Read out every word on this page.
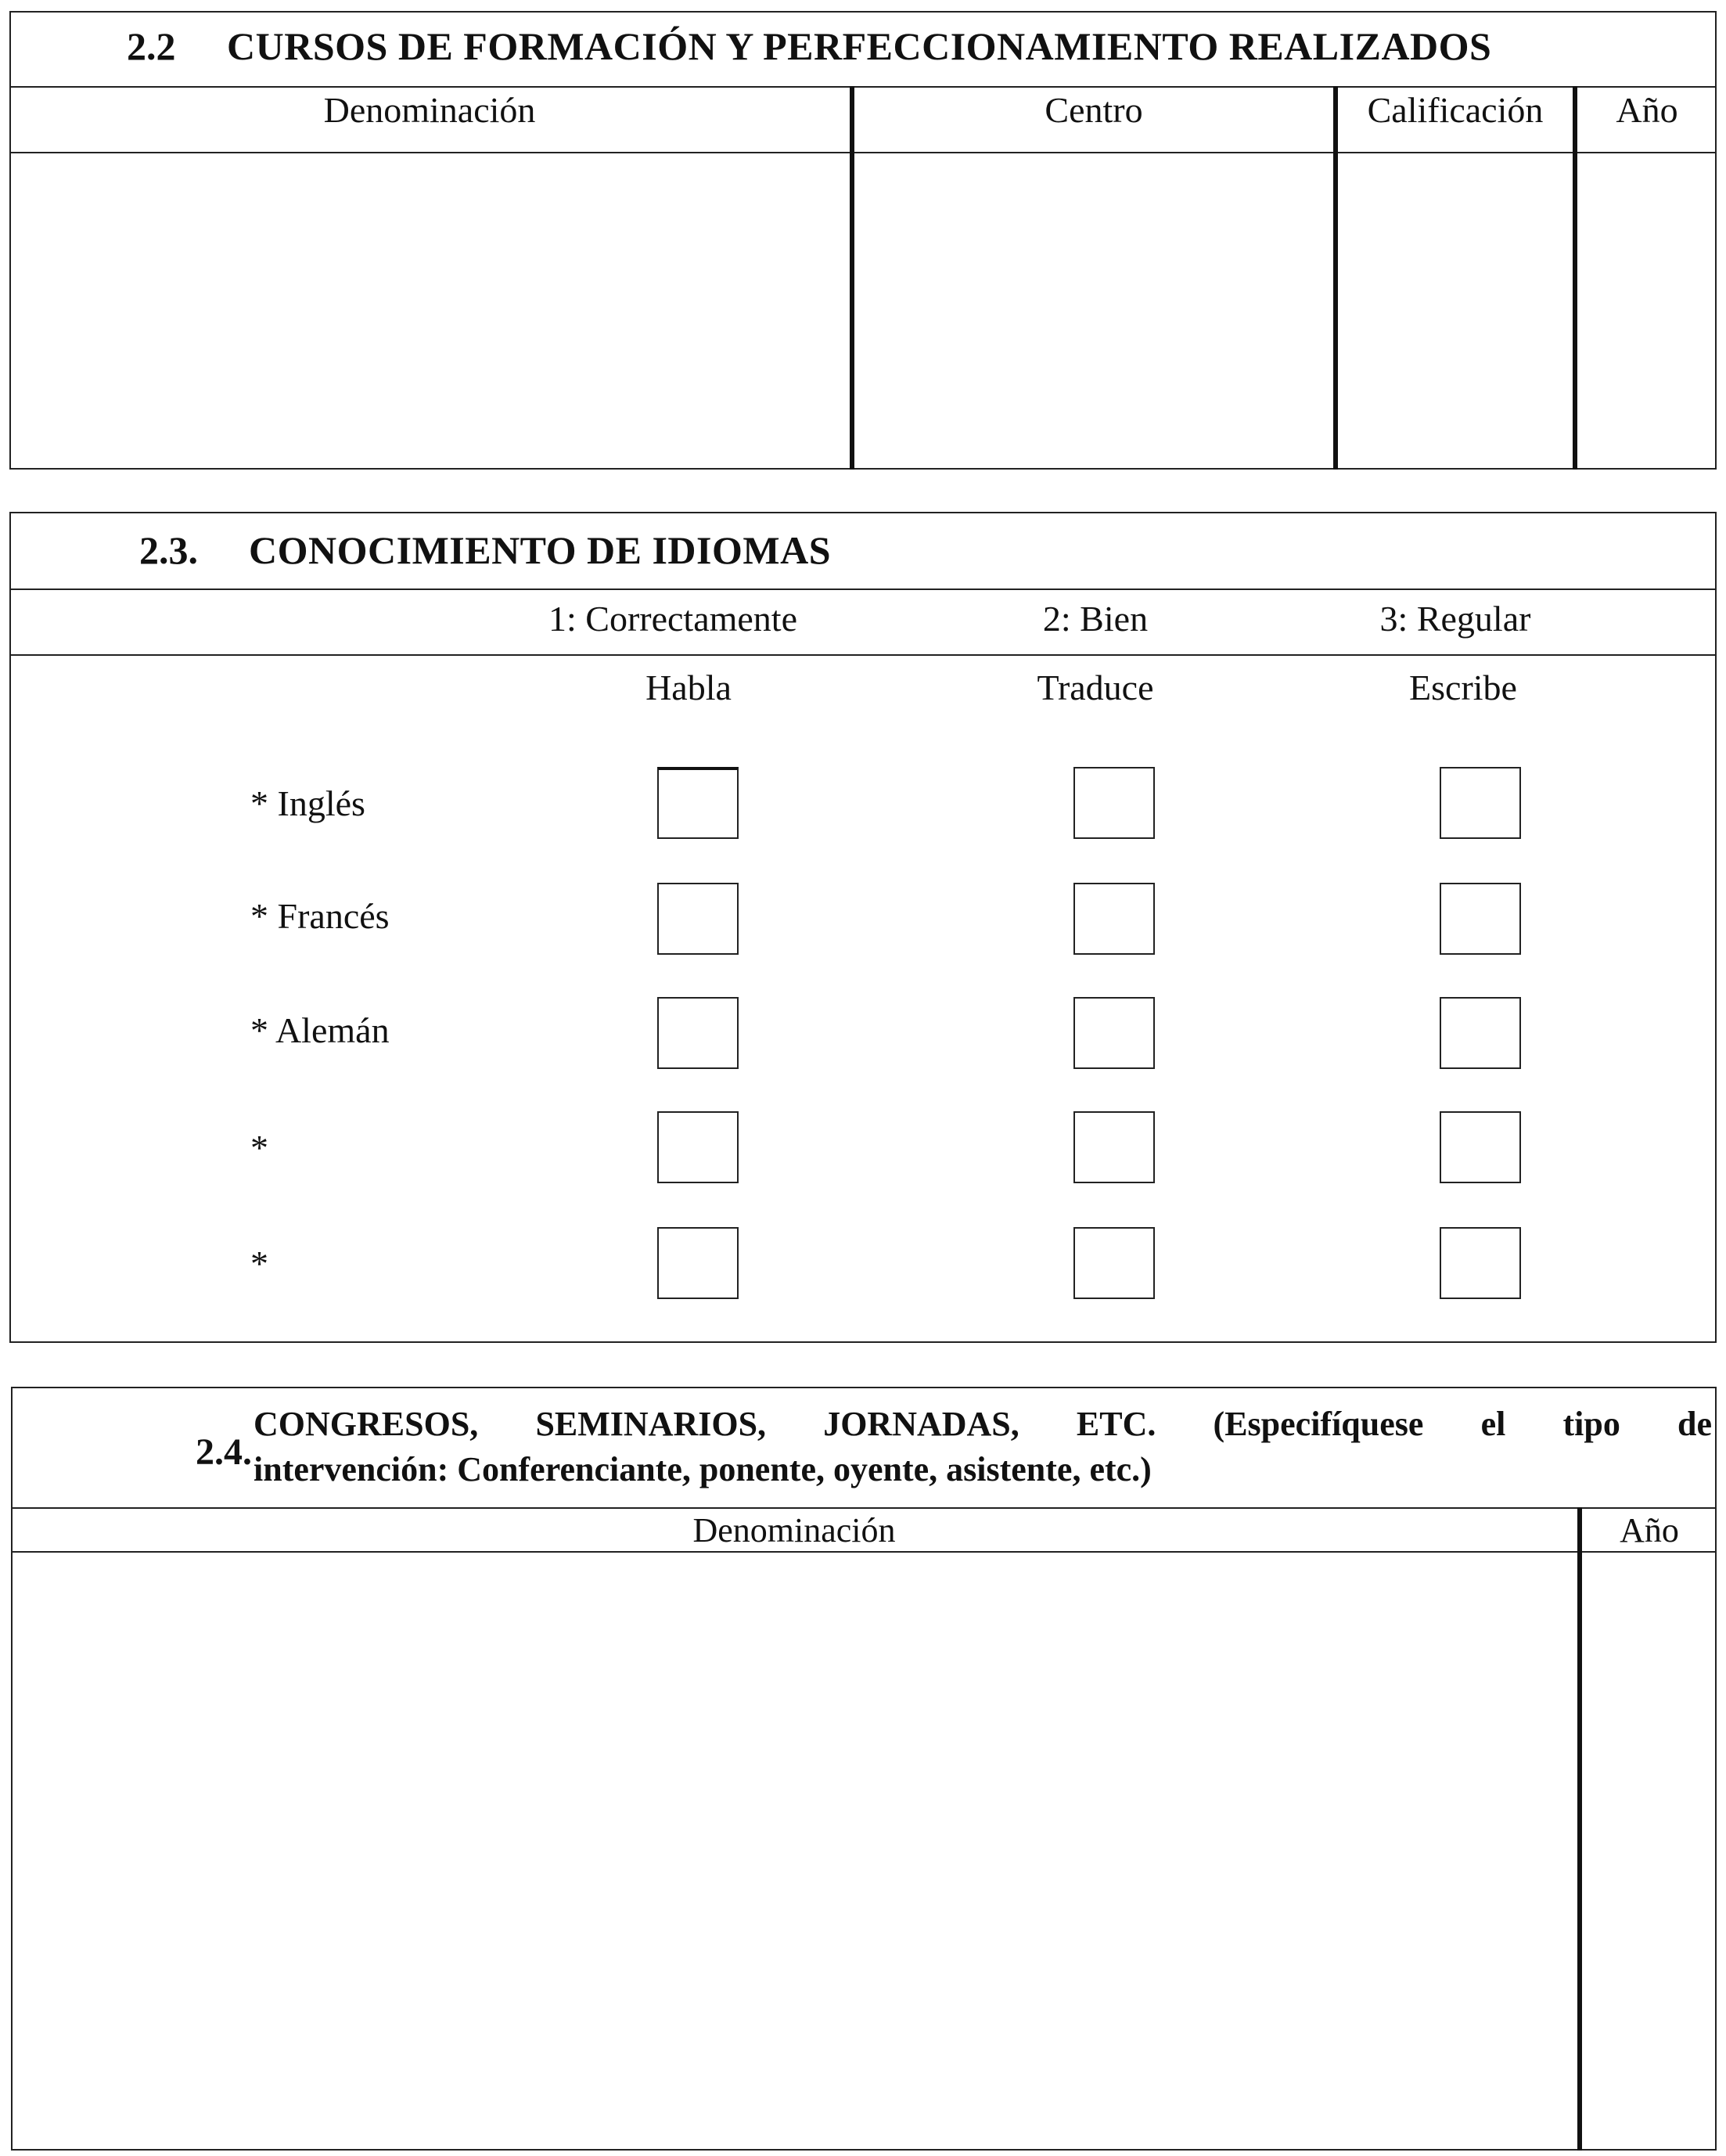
2.2 CURSOS DE FORMACIÓN Y PERFECCIONAMIENTO REALIZADOS
Denominación	Centro	Calificación	Año
2.3. CONOCIMIENTO DE IDIOMAS
1: Correctamente	2: Bien	3: Regular
Habla	Traduce	Escribe
* Inglés
* Francés
* Alemán
*
*
2.4.
CONGRESOS, SEMINARIOS, JORNADAS, ETC. (Especifíquese el tipo de
intervención: Conferenciante, ponente, oyente, asistente, etc.)
Denominación	Año
